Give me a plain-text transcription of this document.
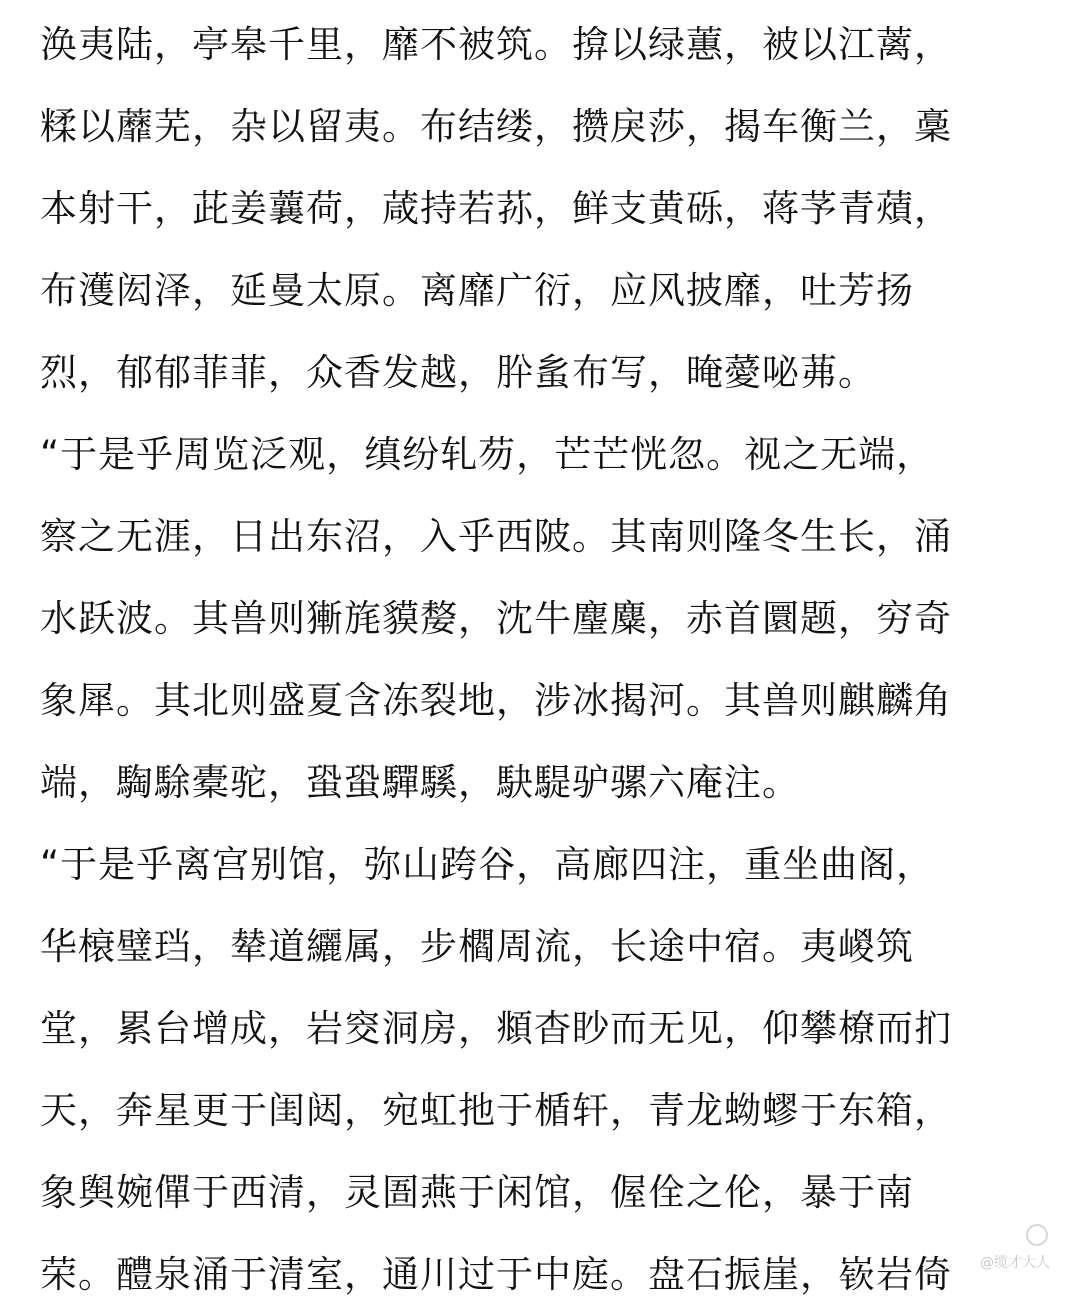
涣夷陆，亭皋千里，靡不被筑。揜以绿蕙，被以江蓠，
糅以蘼芜，杂以留夷。布结缕，攒戾莎，揭车衡兰，稾
本射干，茈姜蘘荷，葴持若荪，鲜支黄砾，蒋芧青薠，
布濩闳泽，延曼太原。离靡广衍，应风披靡，吐芳扬
烈，郁郁菲菲，众香发越，肸蚃布写，晻薆咇茀。
“于是乎周览泛观，缜纷轧芴，芒芒恍忽。视之无端，
察之无涯，日出东沼，入乎西陂。其南则隆冬生长，涌
水跃波。其兽则獑旄貘嫠，沈牛麈麋，赤首圜题，穷奇
象犀。其北则盛夏含冻裂地，涉冰揭河。其兽则麒麟角
端，騊駼橐驼，蛩蛩驒騱，駃騠驴骡六庵注。
“于是乎离宫别馆，弥山跨谷，高廊四注，重坐曲阁，
华榱璧珰，辇道纚属，步櫩周流，长途中宿。夷嵕筑
堂，累台增成，岩窔洞房，頫杳眇而无见，仰攀橑而扪
天，奔星更于闺闼，宛虹扡于楯轩，青龙蚴蟉于东箱，
象舆婉僤于西清，灵圄燕于闲馆，偓佺之伦，暴于南
荣。醴泉涌于清室，通川过于中庭。盘石振崖，嵚岩倚	@缆才大人
